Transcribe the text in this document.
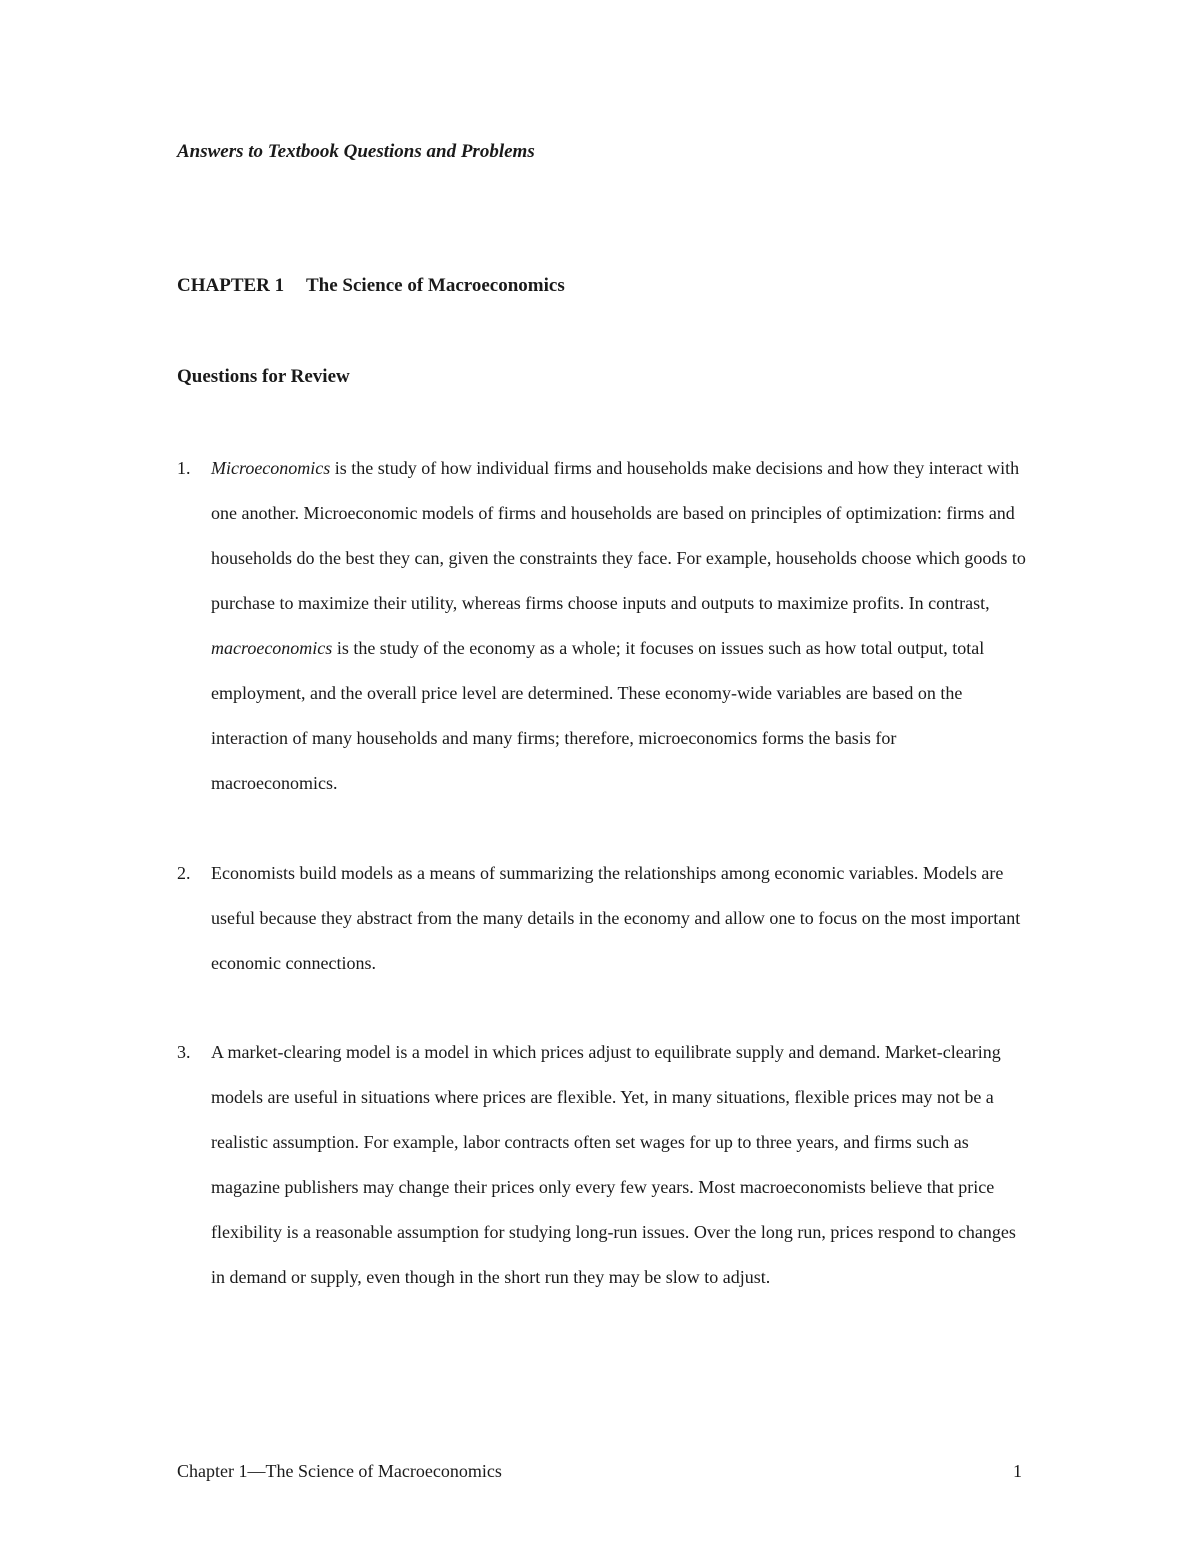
Answers to Textbook Questions and Problems
CHAPTER 1 The Science of Macroeconomics
Questions for Review
1. Microeconomics is the study of how individual firms and households make decisions and how they interact with one another. Microeconomic models of firms and households are based on principles of optimization: firms and households do the best they can, given the constraints they face. For example, households choose which goods to purchase to maximize their utility, whereas firms choose inputs and outputs to maximize profits. In contrast, macroeconomics is the study of the economy as a whole; it focuses on issues such as how total output, total employment, and the overall price level are determined. These economy-wide variables are based on the interaction of many households and many firms; therefore, microeconomics forms the basis for macroeconomics.
2. Economists build models as a means of summarizing the relationships among economic variables. Models are useful because they abstract from the many details in the economy and allow one to focus on the most important economic connections.
3. A market-clearing model is a model in which prices adjust to equilibrate supply and demand. Market-clearing models are useful in situations where prices are flexible. Yet, in many situations, flexible prices may not be a realistic assumption. For example, labor contracts often set wages for up to three years, and firms such as magazine publishers may change their prices only every few years. Most macroeconomists believe that price flexibility is a reasonable assumption for studying long-run issues. Over the long run, prices respond to changes in demand or supply, even though in the short run they may be slow to adjust.
Chapter 1—The Science of Macroeconomics	1
